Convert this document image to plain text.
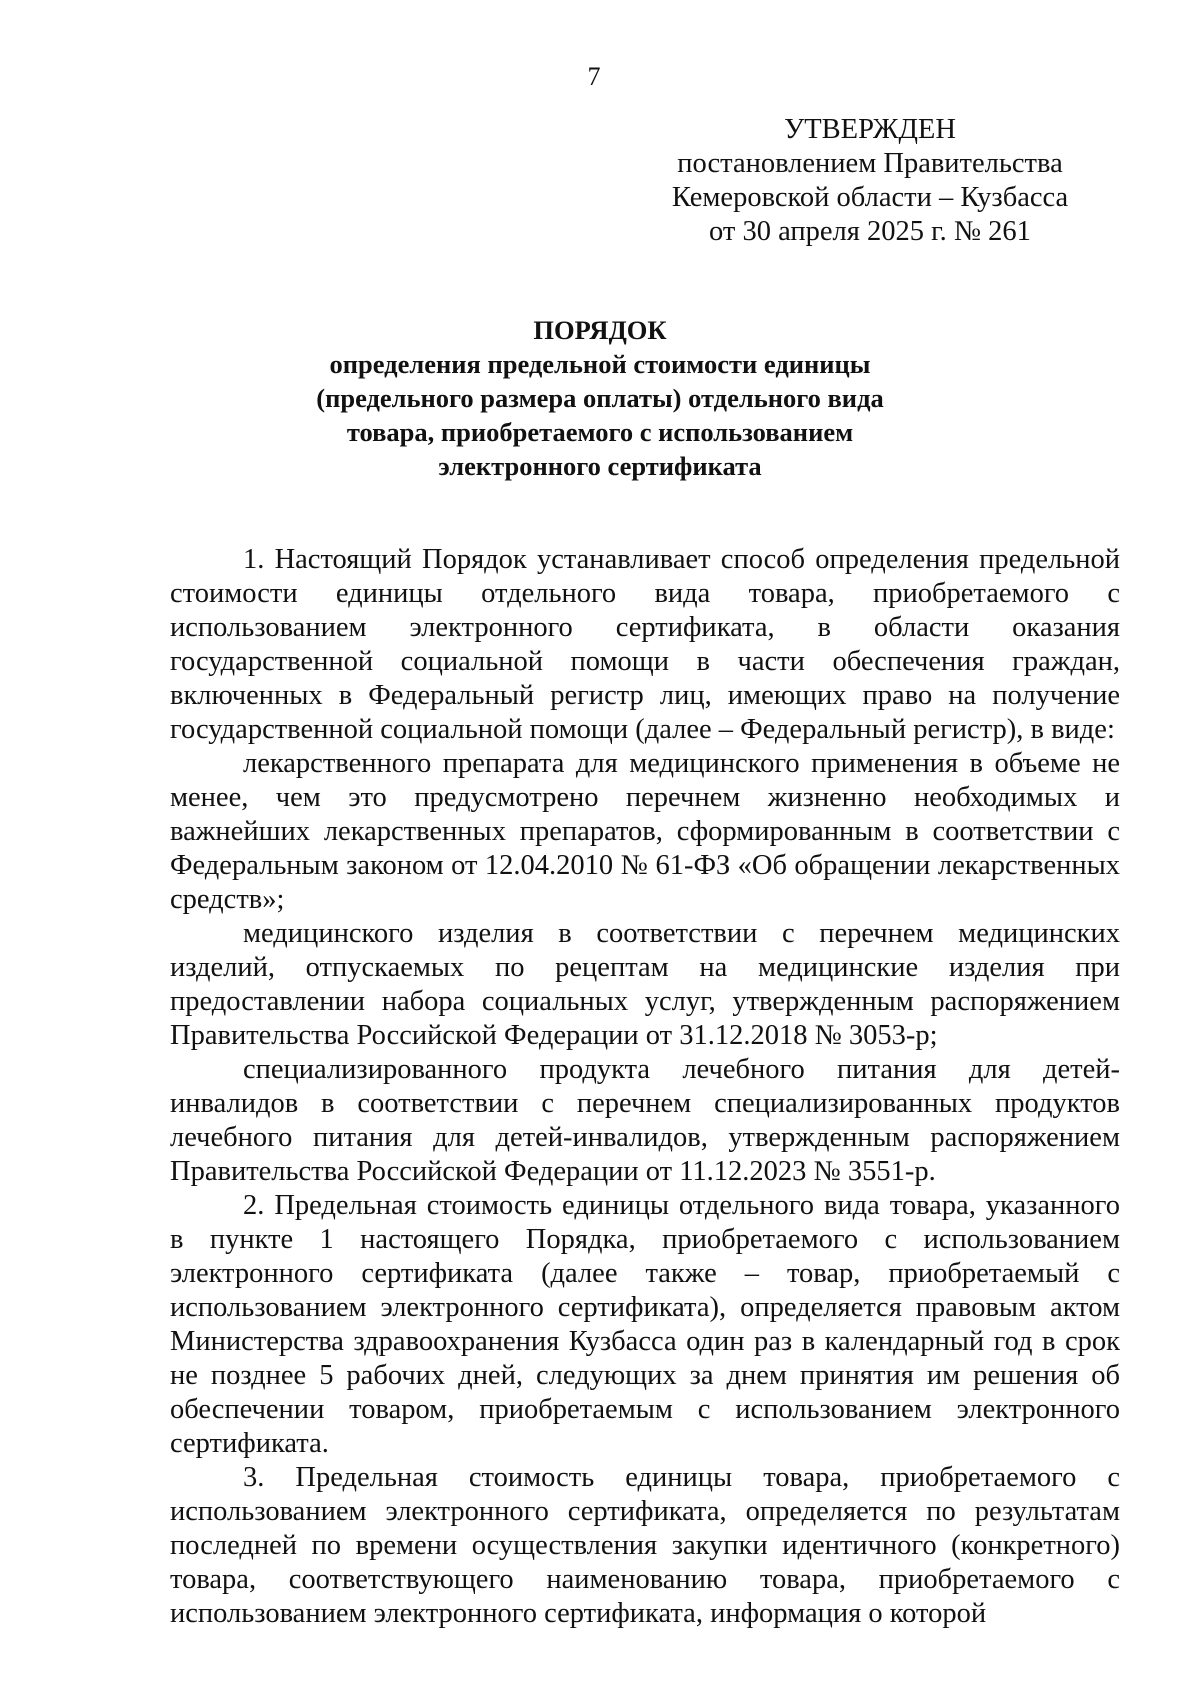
7
УТВЕРЖДЕН
постановлением Правительства
Кемеровской области – Кузбасса
от 30 апреля 2025 г. № 261
ПОРЯДОК
определения предельной стоимости единицы
(предельного размера оплаты) отдельного вида
товара, приобретаемого с использованием
электронного сертификата

1. Настоящий Порядок устанавливает способ определения предельной стоимости единицы отдельного вида товара, приобретаемого с использованием электронного сертификата, в области оказания государственной социальной помощи в части обеспечения граждан, включенных в Федеральный регистр лиц, имеющих право на получение государственной социальной помощи (далее – Федеральный регистр), в виде:

лекарственного препарата для медицинского применения в объеме не менее, чем это предусмотрено перечнем жизненно необходимых и важнейших лекарственных препаратов, сформированным в соответствии с Федеральным законом от 12.04.2010 № 61-ФЗ «Об обращении лекарственных средств»;

медицинского изделия в соответствии с перечнем медицинских изделий, отпускаемых по рецептам на медицинские изделия при предоставлении набора социальных услуг, утвержденным распоряжением Правительства Российской Федерации от 31.12.2018 № 3053-р;

специализированного продукта лечебного питания для детей-инвалидов в соответствии с перечнем специализированных продуктов лечебного питания для детей-инвалидов, утвержденным распоряжением Правительства Российской Федерации от 11.12.2023 № 3551-р.

2. Предельная стоимость единицы отдельного вида товара, указанного в пункте 1 настоящего Порядка, приобретаемого с использованием электронного сертификата (далее также – товар, приобретаемый с использованием электронного сертификата), определяется правовым актом Министерства здравоохранения Кузбасса один раз в календарный год в срок не позднее 5 рабочих дней, следующих за днем принятия им решения об обеспечении товаром, приобретаемым с использованием электронного сертификата.

3. Предельная стоимость единицы товара, приобретаемого с использованием электронного сертификата, определяется по результатам последней по времени осуществления закупки идентичного (конкретного) товара, соответствующего наименованию товара, приобретаемого с использованием электронного сертификата, информация о которой
